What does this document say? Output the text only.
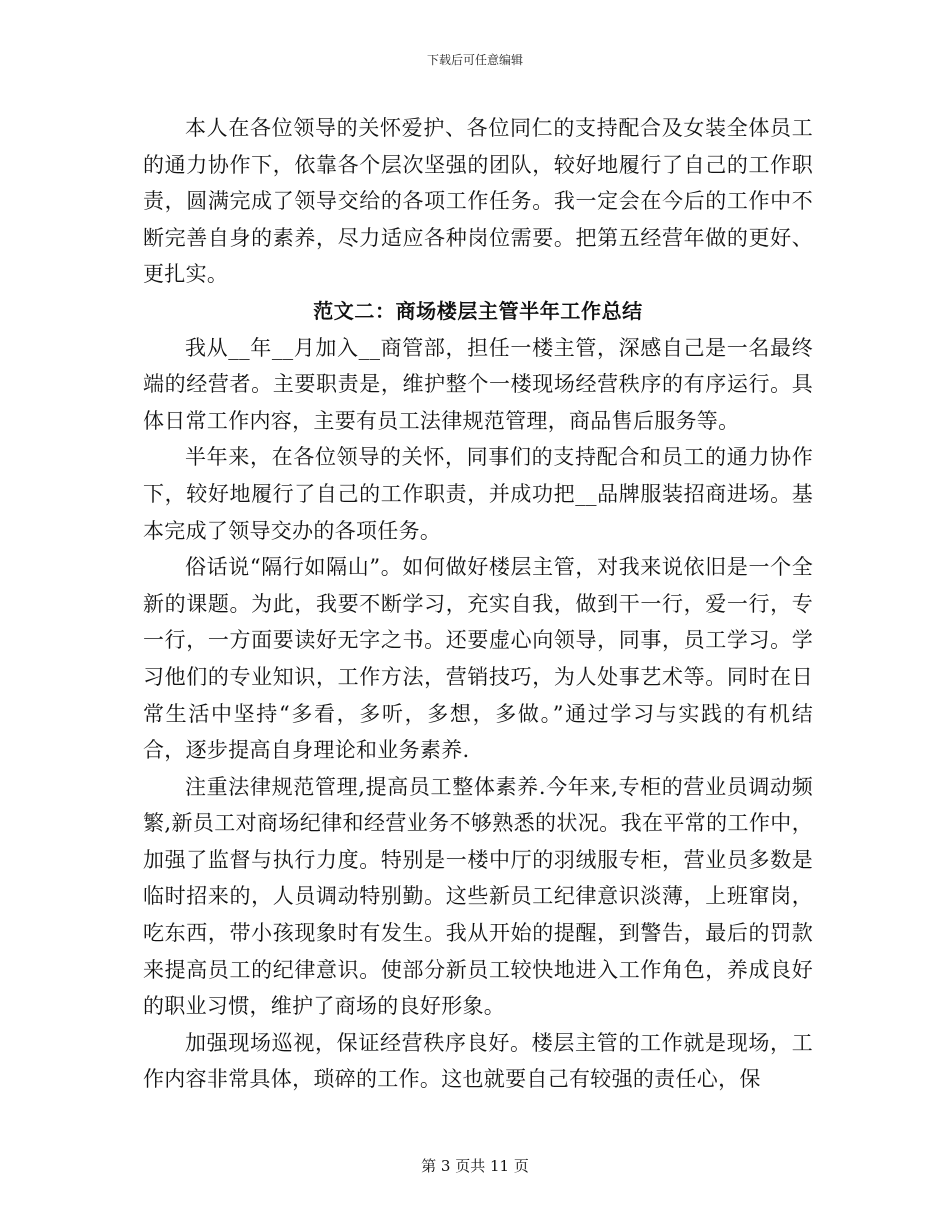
下载后可任意编辑

本人在各位领导的关怀爱护、各位同仁的支持配合及女装全体员工的通力协作下，依靠各个层次坚强的团队，较好地履行了自己的工作职责，圆满完成了领导交给的各项工作任务。我一定会在今后的工作中不断完善自身的素养，尽力适应各种岗位需要。把第五经营年做的更好、更扎实。

范文二：商场楼层主管半年工作总结

我从__年__月加入__商管部，担任一楼主管，深感自己是一名最终端的经营者。主要职责是，维护整个一楼现场经营秩序的有序运行。具体日常工作内容，主要有员工法律规范管理，商品售后服务等。

半年来，在各位领导的关怀，同事们的支持配合和员工的通力协作下，较好地履行了自己的工作职责，并成功把__品牌服装招商进场。基本完成了领导交办的各项任务。

俗话说“隔行如隔山”。如何做好楼层主管，对我来说依旧是一个全新的课题。为此，我要不断学习，充实自我，做到干一行，爱一行，专一行，一方面要读好无字之书。还要虚心向领导，同事，员工学习。学习他们的专业知识，工作方法，营销技巧，为人处事艺术等。同时在日常生活中坚持“多看，多听，多想，多做。”通过学习与实践的有机结合，逐步提高自身理论和业务素养.

注重法律规范管理,提高员工整体素养.今年来,专柜的营业员调动频繁,新员工对商场纪律和经营业务不够熟悉的状况。我在平常的工作中，加强了监督与执行力度。特别是一楼中厅的羽绒服专柜，营业员多数是临时招来的，人员调动特别勤。这些新员工纪律意识淡薄，上班窜岗，吃东西，带小孩现象时有发生。我从开始的提醒，到警告，最后的罚款来提高员工的纪律意识。使部分新员工较快地进入工作角色，养成良好的职业习惯，维护了商场的良好形象。

加强现场巡视，保证经营秩序良好。楼层主管的工作就是现场，工作内容非常具体，琐碎的工作。这也就要自己有较强的责任心，保

第 3 页共 11 页
